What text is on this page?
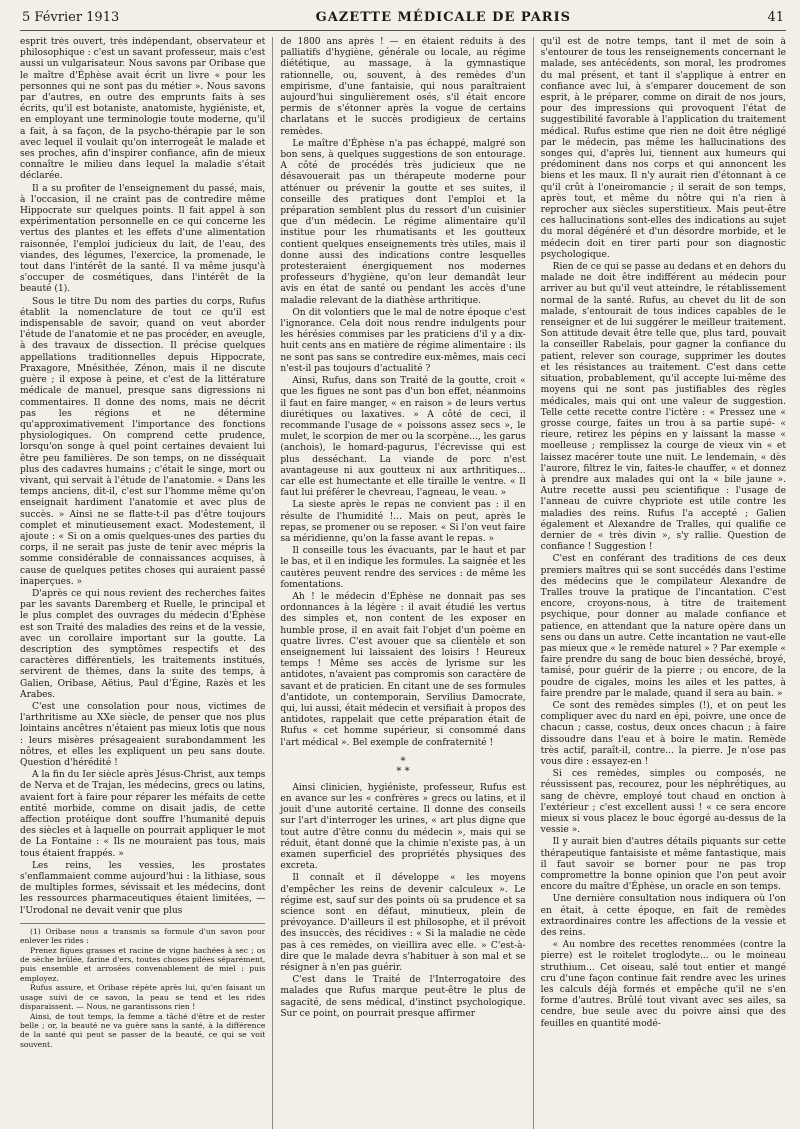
5 Février 1913	GAZETTE MÉDICALE DE PARIS	41

esprit très ouvert, très indépendant, observateur et philosophique : c'est un savant professeur, mais c'est aussi un vulgarisateur. Nous savons par Oribase que le maître d'Éphèse avait écrit un livre « pour les personnes qui ne sont pas du métier ». Nous savons par d'autres, en outre des emprunts faits à ses écrits, qu'il est botaniste, anatomiste, hygiéniste, et, en employant une terminologie toute moderne, qu'il a fait, à sa façon, de la psycho-thérapie par le son avec lequel il voulait qu'on interrogeât le malade et ses proches, afin d'inspirer confiance, afin de mieux connaître le milieu dans lequel la maladie s'était déclarée.

Il a su profiter de l'enseignement du passé, mais, à l'occasion, il ne craint pas de contredire même Hippocrate sur quelques points. Il fait appel à son expérimentation personnelle en ce qui concerne les vertus des plantes et les effets d'une alimentation raisonnée, l'emploi judicieux du lait, de l'eau, des viandes, des légumes, l'exercice, la promenade, le tout dans l'intérêt de la santé. Il va même jusqu'à s'occuper de cosmétiques, dans l'intérêt de la beauté (1).

Sous le titre Du nom des parties du corps, Rufus établit la nomenclature de tout ce qu'il est indispensable de savoir, quand on veut aborder l'étude de l'anatomie et ne pas procéder, en aveugle, à des travaux de dissection. Il précise quelques appellations traditionnelles depuis Hippocrate, Praxagore, Mnésithée, Zénon, mais il ne discute guère ; il expose à peine, et c'est de la littérature médicale de manuel, presque sans digressions ni commentaires. Il donne des noms, mais ne décrit pas les régions et ne détermine qu'approximativement l'importance des fonctions physiologiques. On comprend cette prudence, lorsqu'on songe à quel point certaines devaient lui être peu familières. De son temps, on ne disséquait plus des cadavres humains ; c'était le singe, mort ou vivant, qui servait à l'étude de l'anatomie. « Dans les temps anciens, dit-il, c'est sur l'homme même qu'on enseignait hardiment l'anatomie et avec plus de succès. » Ainsi ne se flatte-t-il pas d'être toujours complet et minutieusement exact. Modestement, il ajoute : « Si on a omis quelques-unes des parties du corps, il ne serait pas juste de tenir avec mépris la somme considérable de connaissances acquises, à cause de quelques petites choses qui auraient passé inaperçues. »

D'après ce qui nous revient des recherches faites par les savants Daremberg et Ruelle, le principal et le plus complet des ouvrages du médecin d'Éphèse est son Traité des maladies des reins et de la vessie, avec un corollaire important sur la goutte. La description des symptômes respectifs et des caractères différentiels, les traitements institués, servirent de thèmes, dans la suite des temps, à Galien, Oribase, Aëtius, Paul d'Égine, Razès et les Arabes.

C'est une consolation pour nous, victimes de l'arthritisme au XXe siècle, de penser que nos plus lointains ancêtres n'étaient pas mieux lotis que nous : leurs misères présageaient surabondamment les nôtres, et elles les expliquent un peu sans doute. Question d'hérédité !

A la fin du Ier siècle après Jésus-Christ, aux temps de Nerva et de Trajan, les médecins, grecs ou latins, avaient fort à faire pour réparer les méfaits de cette entité morbide, comme on disait jadis, de cette affection protéique dont souffre l'humanité depuis des siècles et à laquelle on pourrait appliquer le mot de La Fontaine : « Ils ne mouraient pas tous, mais tous étaient frappés. »

Les reins, les vessies, les prostates s'enflammaient comme aujourd'hui : la lithiase, sous de multiples formes, sévissait et les médecins, dont les ressources pharmaceutiques étaient limitées, — l'Urodonal ne devait venir que plus

(1) Oribase nous a transmis sa formule d'un savon pour enlever les rides :

Prenez figues grasses et racine de vigne hachées à sec ; os de sèche brûlée, farine d'ers, toutes choses pilées séparément, puis ensemble et arrosées convenablement de miel : puis employez.

Rufus assure, et Oribase répète après lui, qu'en faisant un usage suivi de ce savon, la peau se tend et les rides disparaissent. — Nous, ne garantissons rien !

Ainsi, de tout temps, la femme a tâché d'être et de rester belle ; or, la beauté ne va guère sans la santé, à la différence de la santé qui peut se passer de la beauté, ce qui se voit souvent.

de 1800 ans après ! — en étaient réduits à des palliatifs d'hygiène, générale ou locale, au régime diététique, au massage, à la gymnastique rationnelle, ou, souvent, à des remèdes d'un empirisme, d'une fantaisie, qui nous paraîtraient aujourd'hui singulièrement osés, s'il était encore permis de s'étonner après la vogue de certains charlatans et le succès prodigieux de certains remèdes.

Le maître d'Éphèse n'a pas échappé, malgré son bon sens, à quelques suggestions de son entourage. A côté de procédés très judicieux que ne désavouerait pas un thérapeute moderne pour atténuer ou prévenir la goutte et ses suites, il conseille des pratiques dont l'emploi et la préparation semblent plus du ressort d'un cuisinier que d'un médecin. Le régime alimentaire qu'il institue pour les rhumatisants et les goutteux contient quelques enseignements très utiles, mais il donne aussi des indications contre lesquelles protesteraient énergiquement nos modernes professeurs d'hygiène, qu'on leur demandât leur avis en état de santé ou pendant les accès d'une maladie relevant de la diathèse arthritique.

On dit volontiers que le mal de notre époque c'est l'ignorance. Cela doit nous rendre indulgents pour les hérésies commises par les praticiens d'il y a dix-huit cents ans en matière de régime alimentaire : ils ne sont pas sans se contredire eux-mêmes, mais ceci n'est-il pas toujours d'actualité ?

Ainsi, Rufus, dans son Traité de la goutte, croit « que les figues ne sont pas d'un bon effet, néanmoins il faut en faire manger, « en raison » de leurs vertus diurétiques ou laxatives. » A côté de ceci, il recommande l'usage de « poissons assez secs », le mulet, le scorpion de mer ou la scorpène..., les garus (anchois), le homard-pagurus, l'écrevisse qui est plus desséchant. La viande de porc n'est avantageuse ni aux goutteux ni aux arthritiques... car elle est humectante et elle tiraille le ventre. « Il faut lui préférer le chevreau, l'agneau, le veau. »

La sieste après le repas ne convient pas : il en résulte de l'humidité !... Mais on peut, après le repas, se promener ou se reposer. « Si l'on veut faire sa méridienne, qu'on la fasse avant le repas. »

Il conseille tous les évacuants, par le haut et par le bas, et il en indique les formules. La saignée et les cautères peuvent rendre des services : de même les fomentations.

Ah ! le médecin d'Éphèse ne donnait pas ses ordonnances à la légère : il avait étudié les vertus des simples et, non content de les exposer en humble prose, il en avait fait l'objet d'un poème en quatre livres. C'est avouer que sa clientèle et son enseignement lui laissaient des loisirs ! Heureux temps ! Même ses accès de lyrisme sur les antidotes, n'avaient pas compromis son caractère de savant et de praticien. En citant une de ses formules d'antidote, un contemporain, Servilius Damocrate, qui, lui aussi, était médecin et versifiait à propos des antidotes, rappelait que cette préparation était de Rufus « cet homme supérieur, si consommé dans l'art médical ». Bel exemple de confraternité !

*
* *

Ainsi clinicien, hygiéniste, professeur, Rufus est en avance sur les « confrères » grecs ou latins, et il jouit d'une autorité certaine. Il donne des conseils sur l'art d'interroger les urines, « art plus digne que tout autre d'être connu du médecin », mais qui se réduit, étant donné que la chimie n'existe pas, à un examen superficiel des propriétés physiques des excreta.

Il connaît et il développe « les moyens d'empêcher les reins de devenir calculeux ». Le régime est, sauf sur des points où sa prudence et sa science sont en défaut, minutieux, plein de prévoyance. D'ailleurs il est philosophe, et il prévoit des insuccès, des récidives : « Si la maladie ne cède pas à ces remèdes, on vieillira avec elle. » C'est-à-dire que le malade devra s'habituer à son mal et se résigner à n'en pas guérir.

C'est dans le Traité de l'Interrogatoire des malades que Rufus marque peut-être le plus de sagacité, de sens médical, d'instinct psychologique. Sur ce point, on pourrait presque affirmer

qu'il est de notre temps, tant il met de soin à s'entourer de tous les renseignements concernant le malade, ses antécédents, son moral, les prodromes du mal présent, et tant il s'applique à entrer en confiance avec lui, à s'emparer doucement de son esprit, à le préparer, comme on dirait de nos jours, pour des impressions qui provoquent l'état de suggestibilité favorable à l'application du traitement médical. Rufus estime que rien ne doit être négligé par le médecin, pas même les hallucinations des songes qui, d'après lui, tiennent aux humeurs qui prédominent dans nos corps et qui annoncent les biens et les maux. Il n'y aurait rien d'étonnant à ce qu'il crût à l'oneiromancie ; il serait de son temps, après tout, et même du nôtre qui n'a rien à reprocher aux siècles superstitieux. Mais peut-être ces hallucinations sont-elles des indications au sujet du moral dégénéré et d'un désordre morbide, et le médecin doit en tirer parti pour son diagnostic psychologique.

Rien de ce qui se passe au dedans et en dehors du malade ne doit être indifférent au médecin pour arriver au but qu'il veut atteindre, le rétablissement normal de la santé. Rufus, au chevet du lit de son malade, s'entourait de tous indices capables de le renseigner et de lui suggérer le meilleur traitement. Son attitude devait être telle que, plus tard, pouvait la conseiller Rabelais, pour gagner la confiance du patient, relever son courage, supprimer les doutes et les résistances au traitement. C'est dans cette situation, probablement, qu'il accepte lui-même des moyens qui ne sont pas justifiables des règles médicales, mais qui ont une valeur de suggestion. Telle cette recette contre l'ictère : « Pressez une « grosse courge, faites un trou à sa partie supé- « rieure, retirez les pépins en y laissant la masse « moelleuse ; remplissez la courge de vieux vin « et laissez macérer toute une nuit. Le lendemain, « dès l'aurore, filtrez le vin, faites-le chauffer, « et donnez à prendre aux malades qui ont la « bile jaune ». Autre recette aussi peu scientifique : l'usage de l'anneau de cuivre chypriote est utile contre les maladies des reins. Rufus l'a accepté ; Galien également et Alexandre de Tralles, qui qualifie ce dernier de « très divin », s'y rallie. Question de confiance ! Suggestion !

C'est en conférant des traditions de ces deux premiers maîtres qui se sont succédés dans l'estime des médecins que le compilateur Alexandre de Tralles trouve la pratique de l'incantation. C'est encore, croyons-nous, à titre de traitement psychique, pour donner au malade confiance et patience, en attendant que la nature opère dans un sens ou dans un autre. Cette incantation ne vaut-elle pas mieux que « le remède naturel » ? Par exemple « faire prendre du sang de bouc bien desséché, broyé, tamisé, pour guérir de la pierre ; ou encore, de la poudre de cigales, moins les ailes et les pattes, à faire prendre par le malade, quand il sera au bain. »

Ce sont des remèdes simples (!), et on peut les compliquer avec du nard en épi, poivre, une once de chacun ; casse, costus, deux onces chacun ; à faire dissoudre dans l'eau et à boire le matin. Remède très actif, paraît-il, contre... la pierre. Je n'ose pas vous dire : essayez-en !

Si ces remèdes, simples ou composés, ne réussissent pas, recourez, pour les néphrétiques, au sang de chèvre, employé tout chaud en onction à l'extérieur ; c'est excellent aussi ! « ce sera encore mieux si vous placez le bouc égorgé au-dessus de la vessie ».

Il y aurait bien d'autres détails piquants sur cette thérapeutique fantaisiste et même fantastique, mais il faut savoir se borner pour ne pas trop compromettre la bonne opinion que l'on peut avoir encore du maître d'Éphèse, un oracle en son temps.

Une dernière consultation nous indiquera où l'on en était, à cette époque, en fait de remèdes extraordinaires contre les affections de la vessie et des reins.

« Au nombre des recettes renommées (contre la pierre) est le roitelet troglodyte... ou le moineau struthium... Cet oiseau, salé tout entier et mangé cru d'une façon continue fait rendre avec les urines les calculs déjà formés et empêche qu'il ne s'en forme d'autres. Brûlé tout vivant avec ses ailes, sa cendre, bue seule avec du poivre ainsi que des feuilles en quantité modé-
